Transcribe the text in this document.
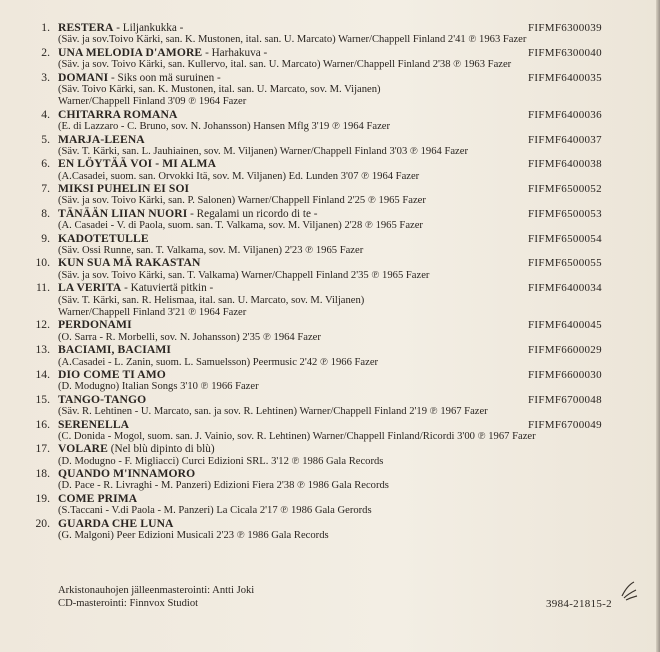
1. RESTERA - Liljankukka -	FIFMF6300039
(Säv. ja sov.Toivo Kärki, san. K. Mustonen, ital. san. U. Marcato) Warner/Chappell Finland 2'41 ℗ 1963 Fazer
2. UNA MELODIA D'AMORE - Harhakuva -	FIFMF6300040
(Säv. ja sov. Toivo Kärki, san. Kullervo, ital. san. U. Marcato) Warner/Chappell Finland 2'38 ℗ 1963 Fazer
3. DOMANI - Siks oon mä suruinen -	FIFMF6400035
(Säv. Toivo Kärki, san. K. Mustonen, ital. san. U. Marcato, sov. M. Vijanen)
Warner/Chappell Finland 3'09 ℗ 1964 Fazer
4. CHITARRA ROMANA	FIFMF6400036
(E. di Lazzaro - C. Bruno, sov. N. Johansson) Hansen Mflg 3'19 ℗ 1964 Fazer
5. MARJA-LEENA	FIFMF6400037
(Säv. T. Kärki, san. L. Jauhiainen, sov. M. Viljanen) Warner/Chappell Finland 3'03 ℗ 1964 Fazer
6. EN LÖYTÄÄ VOI - MI ALMA	FIFMF6400038
(A.Casadei, suom. san. Orvokki Itä, sov. M. Viljanen) Ed. Lunden 3'07 ℗ 1964 Fazer
7. MIKSI PUHELIN EI SOI	FIFMF6500052
(Säv. ja sov. Toivo Kärki, san. P. Salonen) Warner/Chappell Finland 2'25 ℗ 1965 Fazer
8. TÄNÄÄN LIIAN NUORI - Regalami un ricordo di te -	FIFMF6500053
(A. Casadei - V. di Paola, suom. san. T. Valkama, sov. M. Viljanen) 2'28 ℗ 1965 Fazer
9. KADOTETULLE	FIFMF6500054
(Säv. Ossi Runne, san. T. Valkama, sov. M. Viljanen) 2'23 ℗ 1965 Fazer
10. KUN SUA MÄ RAKASTAN	FIFMF6500055
(Säv. ja sov. Toivo Kärki, san. T. Valkama) Warner/Chappell Finland 2'35 ℗ 1965 Fazer
11. LA VERITA - Katuviertä pitkin -	FIFMF6400034
(Säv. T. Kärki, san. R. Helismaa, ital. san. U. Marcato, sov. M. Viljanen)
Warner/Chappell Finland 3'21 ℗ 1964 Fazer
12. PERDONAMI	FIFMF6400045
(O. Sarra - R. Morbelli, sov. N. Johansson) 2'35 ℗ 1964 Fazer
13. BACIAMI, BACIAMI	FIFMF6600029
(A.Casadei - L. Zanin, suom. L. Samuelsson) Peermusic 2'42 ℗ 1966 Fazer
14. DIO COME TI AMO	FIFMF6600030
(D. Modugno) Italian Songs 3'10 ℗ 1966 Fazer
15. TANGO-TANGO	FIFMF6700048
(Säv. R. Lehtinen - U. Marcato, san. ja sov. R. Lehtinen) Warner/Chappell Finland 2'19 ℗ 1967 Fazer
16. SERENELLA	FIFMF6700049
(C. Donida - Mogol, suom. san. J. Vainio, sov. R. Lehtinen) Warner/Chappell Finland/Ricordi 3'00 ℗ 1967 Fazer
17. VOLARE (Nel blù dipinto di blù)
(D. Modugno - F. Migliacci) Curci Edizioni SRL. 3'12 ℗ 1986 Gala Records
18. QUANDO M'INNAMORO
(D. Pace - R. Livraghi - M. Panzeri) Edizioni Fiera 2'38 ℗ 1986 Gala Records
19. COME PRIMA
(S.Taccani - V.di Paola - M. Panzeri) La Cicala 2'17 ℗ 1986 Gala Gerords
20. GUARDA CHE LUNA
(G. Malgoni) Peer Edizioni Musicali 2'23 ℗ 1986 Gala Records
Arkistonauhojen jälleenmasterointi: Antti Joki
CD-masterointi: Finnvox Studiot	3984-21815-2
